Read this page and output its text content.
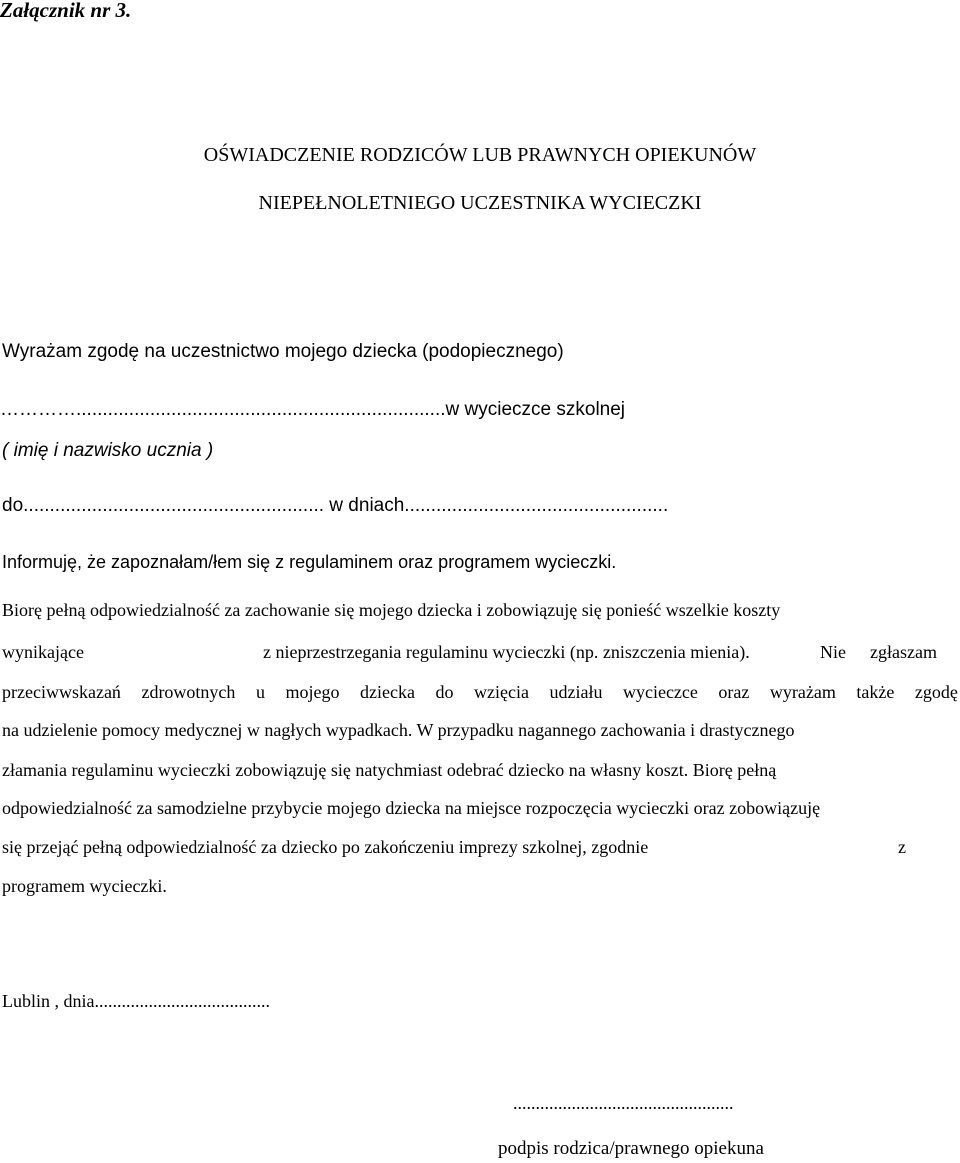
Załącznik nr 3.
OŚWIADCZENIE RODZICÓW LUB PRAWNYCH OPIEKUNÓW
NIEPEŁNOLETNIEGO UCZESTNIKA WYCIECZKI
Wyrażam zgodę na uczestnictwo mojego dziecka (podopiecznego)
…………......................................................................w wycieczce szkolnej
( imię i nazwisko ucznia )
do......................................................... w dniach..................................................
Informuję, że zapoznałam/łem się z regulaminem oraz programem wycieczki.
Biorę pełną odpowiedzialność za zachowanie się mojego dziecka i zobowiązuję się ponieść wszelkie koszty
wynikające	z nieprzestrzegania regulaminu wycieczki (np. zniszczenia mienia).	Nie zgłaszam
przeciwwskazań zdrowotnych u mojego dziecka do wzięcia udziału wycieczce oraz wyrażam także zgodę
na udzielenie pomocy medycznej w nagłych wypadkach. W przypadku nagannego zachowania i drastycznego
złamania regulaminu wycieczki zobowiązuję się natychmiast odebrać dziecko na własny koszt. Biorę pełną
odpowiedzialność za samodzielne przybycie mojego dziecka na miejsce rozpoczęcia wycieczki oraz zobowiązuję
się przejąć pełną odpowiedzialność za dziecko po zakończeniu imprezy szkolnej, zgodnie	z
programem wycieczki.
Lublin , dnia.......................................
.................................................
podpis rodzica/prawnego opiekuna
